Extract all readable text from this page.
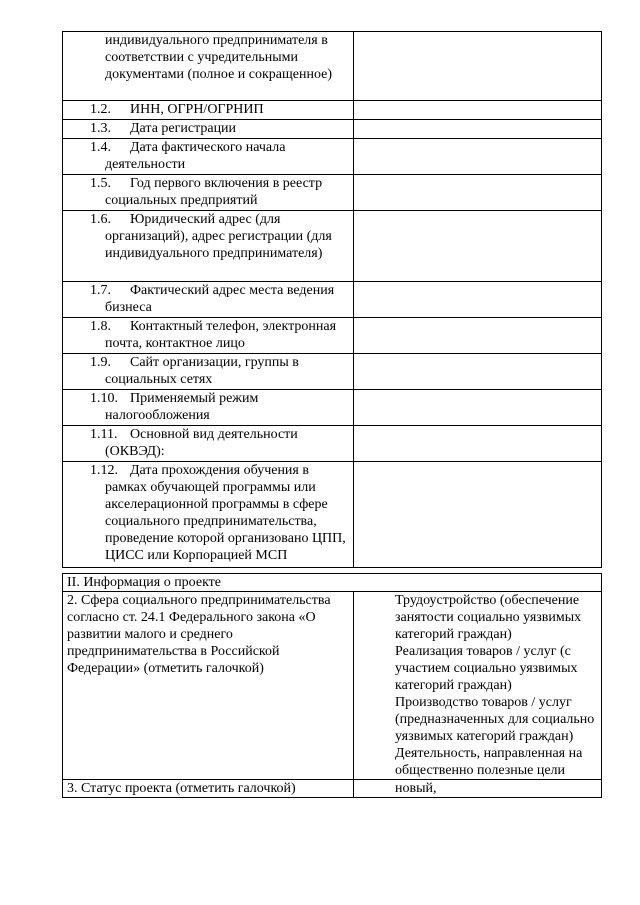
индивидуального предпринимателя в соответствии с учредительными документами (полное и сокращенное)	

1.2. ИНН, ОГРН/ОГРНИП	
1.3. Дата регистрации	
1.4. Дата фактического начала деятельности	
1.5. Год первого включения в реестр социальных предприятий	
1.6. Юридический адрес (для организаций), адрес регистрации (для индивидуального предпринимателя)	
1.7. Фактический адрес места ведения бизнеса	
1.8. Контактный телефон, электронная почта, контактное лицо	
1.9. Сайт организации, группы в социальных сетях	
1.10. Применяемый режим налогообложения	
1.11. Основной вид деятельности (ОКВЭД):	
1.12. Дата прохождения обучения в рамках обучающей программы или акселерационной программы в сфере социального предпринимательства, проведение которой организовано ЦПП, ЦИСС или Корпорацией МСП	
II. Информация о проекте	
2. Сфера социального предпринимательства согласно ст. 24.1 Федерального закона «О развитии малого и среднего предпринимательства в Российской Федерации» (отметить галочкой)	Трудоустройство (обеспечение занятости социально уязвимых категорий граждан)
Реализация товаров / услуг (с участием социально уязвимых категорий граждан)
Производство товаров / услуг (предназначенных для социально уязвимых категорий граждан)
Деятельность, направленная на общественно полезные цели

3. Статус проекта (отметить галочкой)	новый,
